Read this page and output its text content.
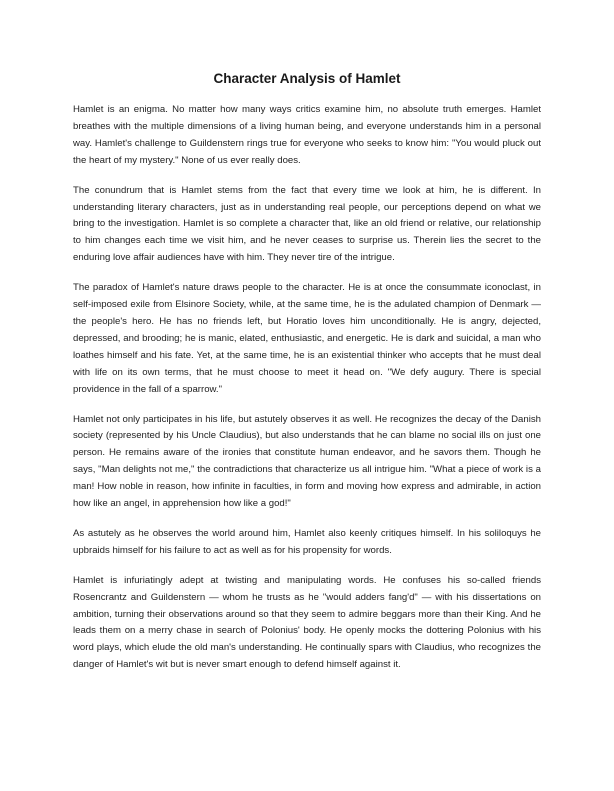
Character Analysis of Hamlet

Hamlet is an enigma. No matter how many ways critics examine him, no absolute truth emerges. Hamlet breathes with the multiple dimensions of a living human being, and everyone understands him in a personal way. Hamlet's challenge to Guildenstern rings true for everyone who seeks to know him: "You would pluck out the heart of my mystery." None of us ever really does.

The conundrum that is Hamlet stems from the fact that every time we look at him, he is different. In understanding literary characters, just as in understanding real people, our perceptions depend on what we bring to the investigation. Hamlet is so complete a character that, like an old friend or relative, our relationship to him changes each time we visit him, and he never ceases to surprise us. Therein lies the secret to the enduring love affair audiences have with him. They never tire of the intrigue.

The paradox of Hamlet's nature draws people to the character. He is at once the consummate iconoclast, in self-imposed exile from Elsinore Society, while, at the same time, he is the adulated champion of Denmark — the people's hero. He has no friends left, but Horatio loves him unconditionally. He is angry, dejected, depressed, and brooding; he is manic, elated, enthusiastic, and energetic. He is dark and suicidal, a man who loathes himself and his fate. Yet, at the same time, he is an existential thinker who accepts that he must deal with life on its own terms, that he must choose to meet it head on. "We defy augury. There is special providence in the fall of a sparrow."

Hamlet not only participates in his life, but astutely observes it as well. He recognizes the decay of the Danish society (represented by his Uncle Claudius), but also understands that he can blame no social ills on just one person. He remains aware of the ironies that constitute human endeavor, and he savors them. Though he says, "Man delights not me," the contradictions that characterize us all intrigue him. "What a piece of work is a man! How noble in reason, how infinite in faculties, in form and moving how express and admirable, in action how like an angel, in apprehension how like a god!"

As astutely as he observes the world around him, Hamlet also keenly critiques himself. In his soliloquys he upbraids himself for his failure to act as well as for his propensity for words.

Hamlet is infuriatingly adept at twisting and manipulating words. He confuses his so-called friends Rosencrantz and Guildenstern — whom he trusts as he "would adders fang'd" — with his dissertations on ambition, turning their observations around so that they seem to admire beggars more than their King. And he leads them on a merry chase in search of Polonius' body. He openly mocks the dottering Polonius with his word plays, which elude the old man's understanding. He continually spars with Claudius, who recognizes the danger of Hamlet's wit but is never smart enough to defend himself against it.
